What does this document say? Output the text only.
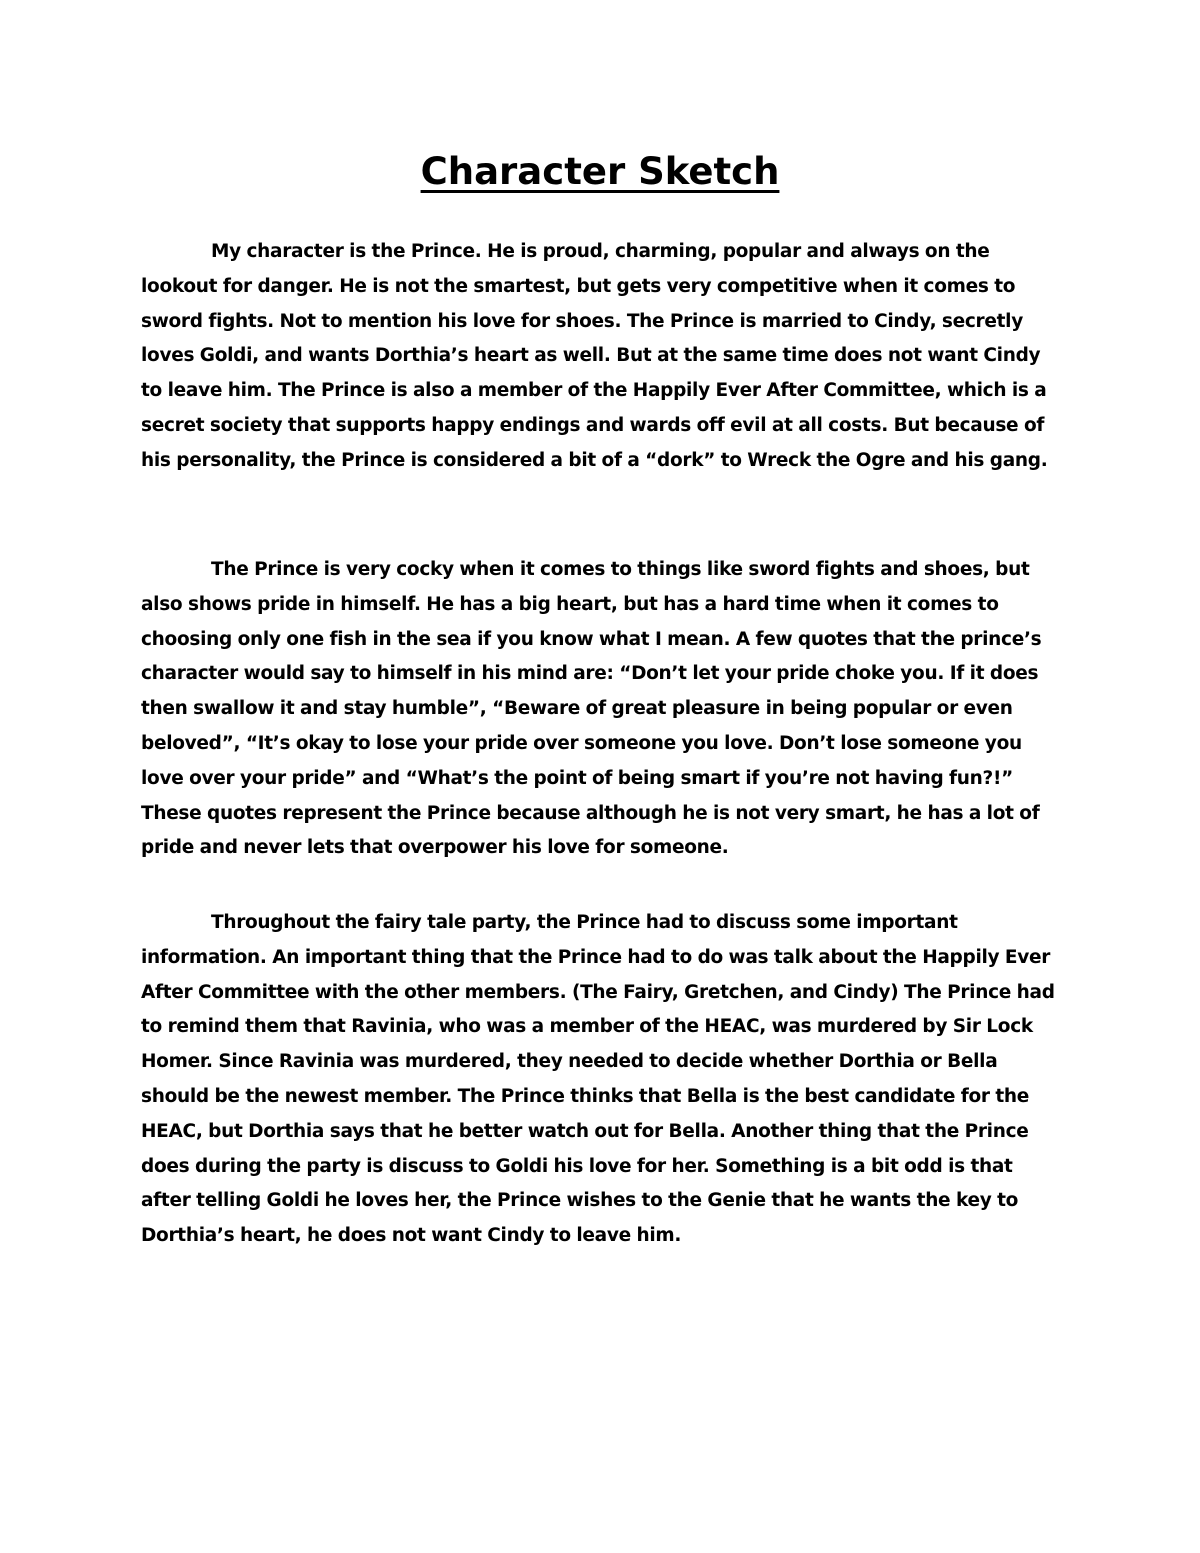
Character Sketch

My character is the Prince. He is proud, charming, popular and always on the lookout for danger. He is not the smartest, but gets very competitive when it comes to sword fights. Not to mention his love for shoes. The Prince is married to Cindy, secretly loves Goldi, and wants Dorthia’s heart as well. But at the same time does not want Cindy to leave him. The Prince is also a member of the Happily Ever After Committee, which is a secret society that supports happy endings and wards off evil at all costs. But because of his personality, the Prince is considered a bit of a “dork” to Wreck the Ogre and his gang.

The Prince is very cocky when it comes to things like sword fights and shoes, but also shows pride in himself. He has a big heart, but has a hard time when it comes to choosing only one fish in the sea if you know what I mean. A few quotes that the prince’s character would say to himself in his mind are: “Don’t let your pride choke you. If it does then swallow it and stay humble”, “Beware of great pleasure in being popular or even beloved”, “It’s okay to lose your pride over someone you love. Don’t lose someone you love over your pride” and “What’s the point of being smart if you’re not having fun?!” These quotes represent the Prince because although he is not very smart, he has a lot of pride and never lets that overpower his love for someone.

Throughout the fairy tale party, the Prince had to discuss some important information. An important thing that the Prince had to do was talk about the Happily Ever After Committee with the other members. (The Fairy, Gretchen, and Cindy) The Prince had to remind them that Ravinia, who was a member of the HEAC, was murdered by Sir Lock Homer. Since Ravinia was murdered, they needed to decide whether Dorthia or Bella should be the newest member. The Prince thinks that Bella is the best candidate for the HEAC, but Dorthia says that he better watch out for Bella. Another thing that the Prince does during the party is discuss to Goldi his love for her. Something is a bit odd is that after telling Goldi he loves her, the Prince wishes to the Genie that he wants the key to Dorthia’s heart, he does not want Cindy to leave him.
